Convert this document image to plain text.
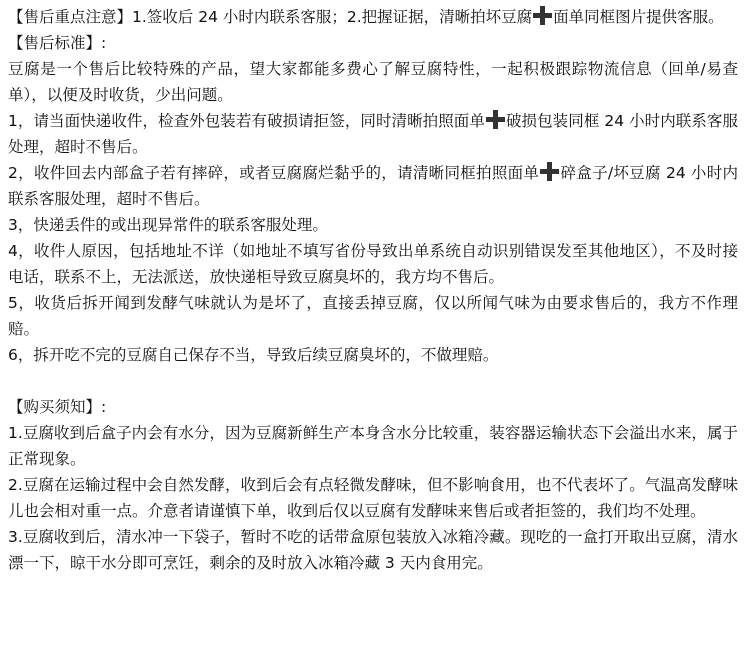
【售后重点注意】1.签收后 24 小时内联系客服；2.把握证据，清晰拍坏豆腐 面单同框图片提供客服。

【售后标准】:

豆腐是一个售后比较特殊的产品，望大家都能多费心了解豆腐特性，一起积极跟踪物流信息（回单/易查单），以便及时收货，少出问题。

1，请当面快递收件，检查外包装若有破损请拒签，同时清晰拍照面单 破损包装同框 24 小时内联系客服处理，超时不售后。

2，收件回去内部盒子若有摔碎，或者豆腐腐烂黏乎的，请清晰同框拍照面单 碎盒子/坏豆腐 24 小时内联系客服处理，超时不售后。

3，快递丢件的或出现异常件的联系客服处理。

4，收件人原因，包括地址不详（如地址不填写省份导致出单系统自动识别错误发至其他地区），不及时接电话，联系不上，无法派送，放快递柜导致豆腐臭坏的，我方均不售后。

5，收货后拆开闻到发酵气味就认为是坏了，直接丢掉豆腐，仅以所闻气味为由要求售后的，我方不作理赔。

6，拆开吃不完的豆腐自己保存不当，导致后续豆腐臭坏的，不做理赔。

【购买须知】:

1.豆腐收到后盒子内会有水分，因为豆腐新鲜生产本身含水分比较重，装容器运输状态下会溢出水来，属于正常现象。

2.豆腐在运输过程中会自然发酵，收到后会有点轻微发酵味，但不影响食用，也不代表坏了。气温高发酵味儿也会相对重一点。介意者请谨慎下单，收到后仅以豆腐有发酵味来售后或者拒签的，我们均不处理。

3.豆腐收到后，清水冲一下袋子，暂时不吃的话带盒原包装放入冰箱冷藏。现吃的一盒打开取出豆腐，清水漂一下，晾干水分即可烹饪，剩余的及时放入冰箱冷藏 3 天内食用完。
